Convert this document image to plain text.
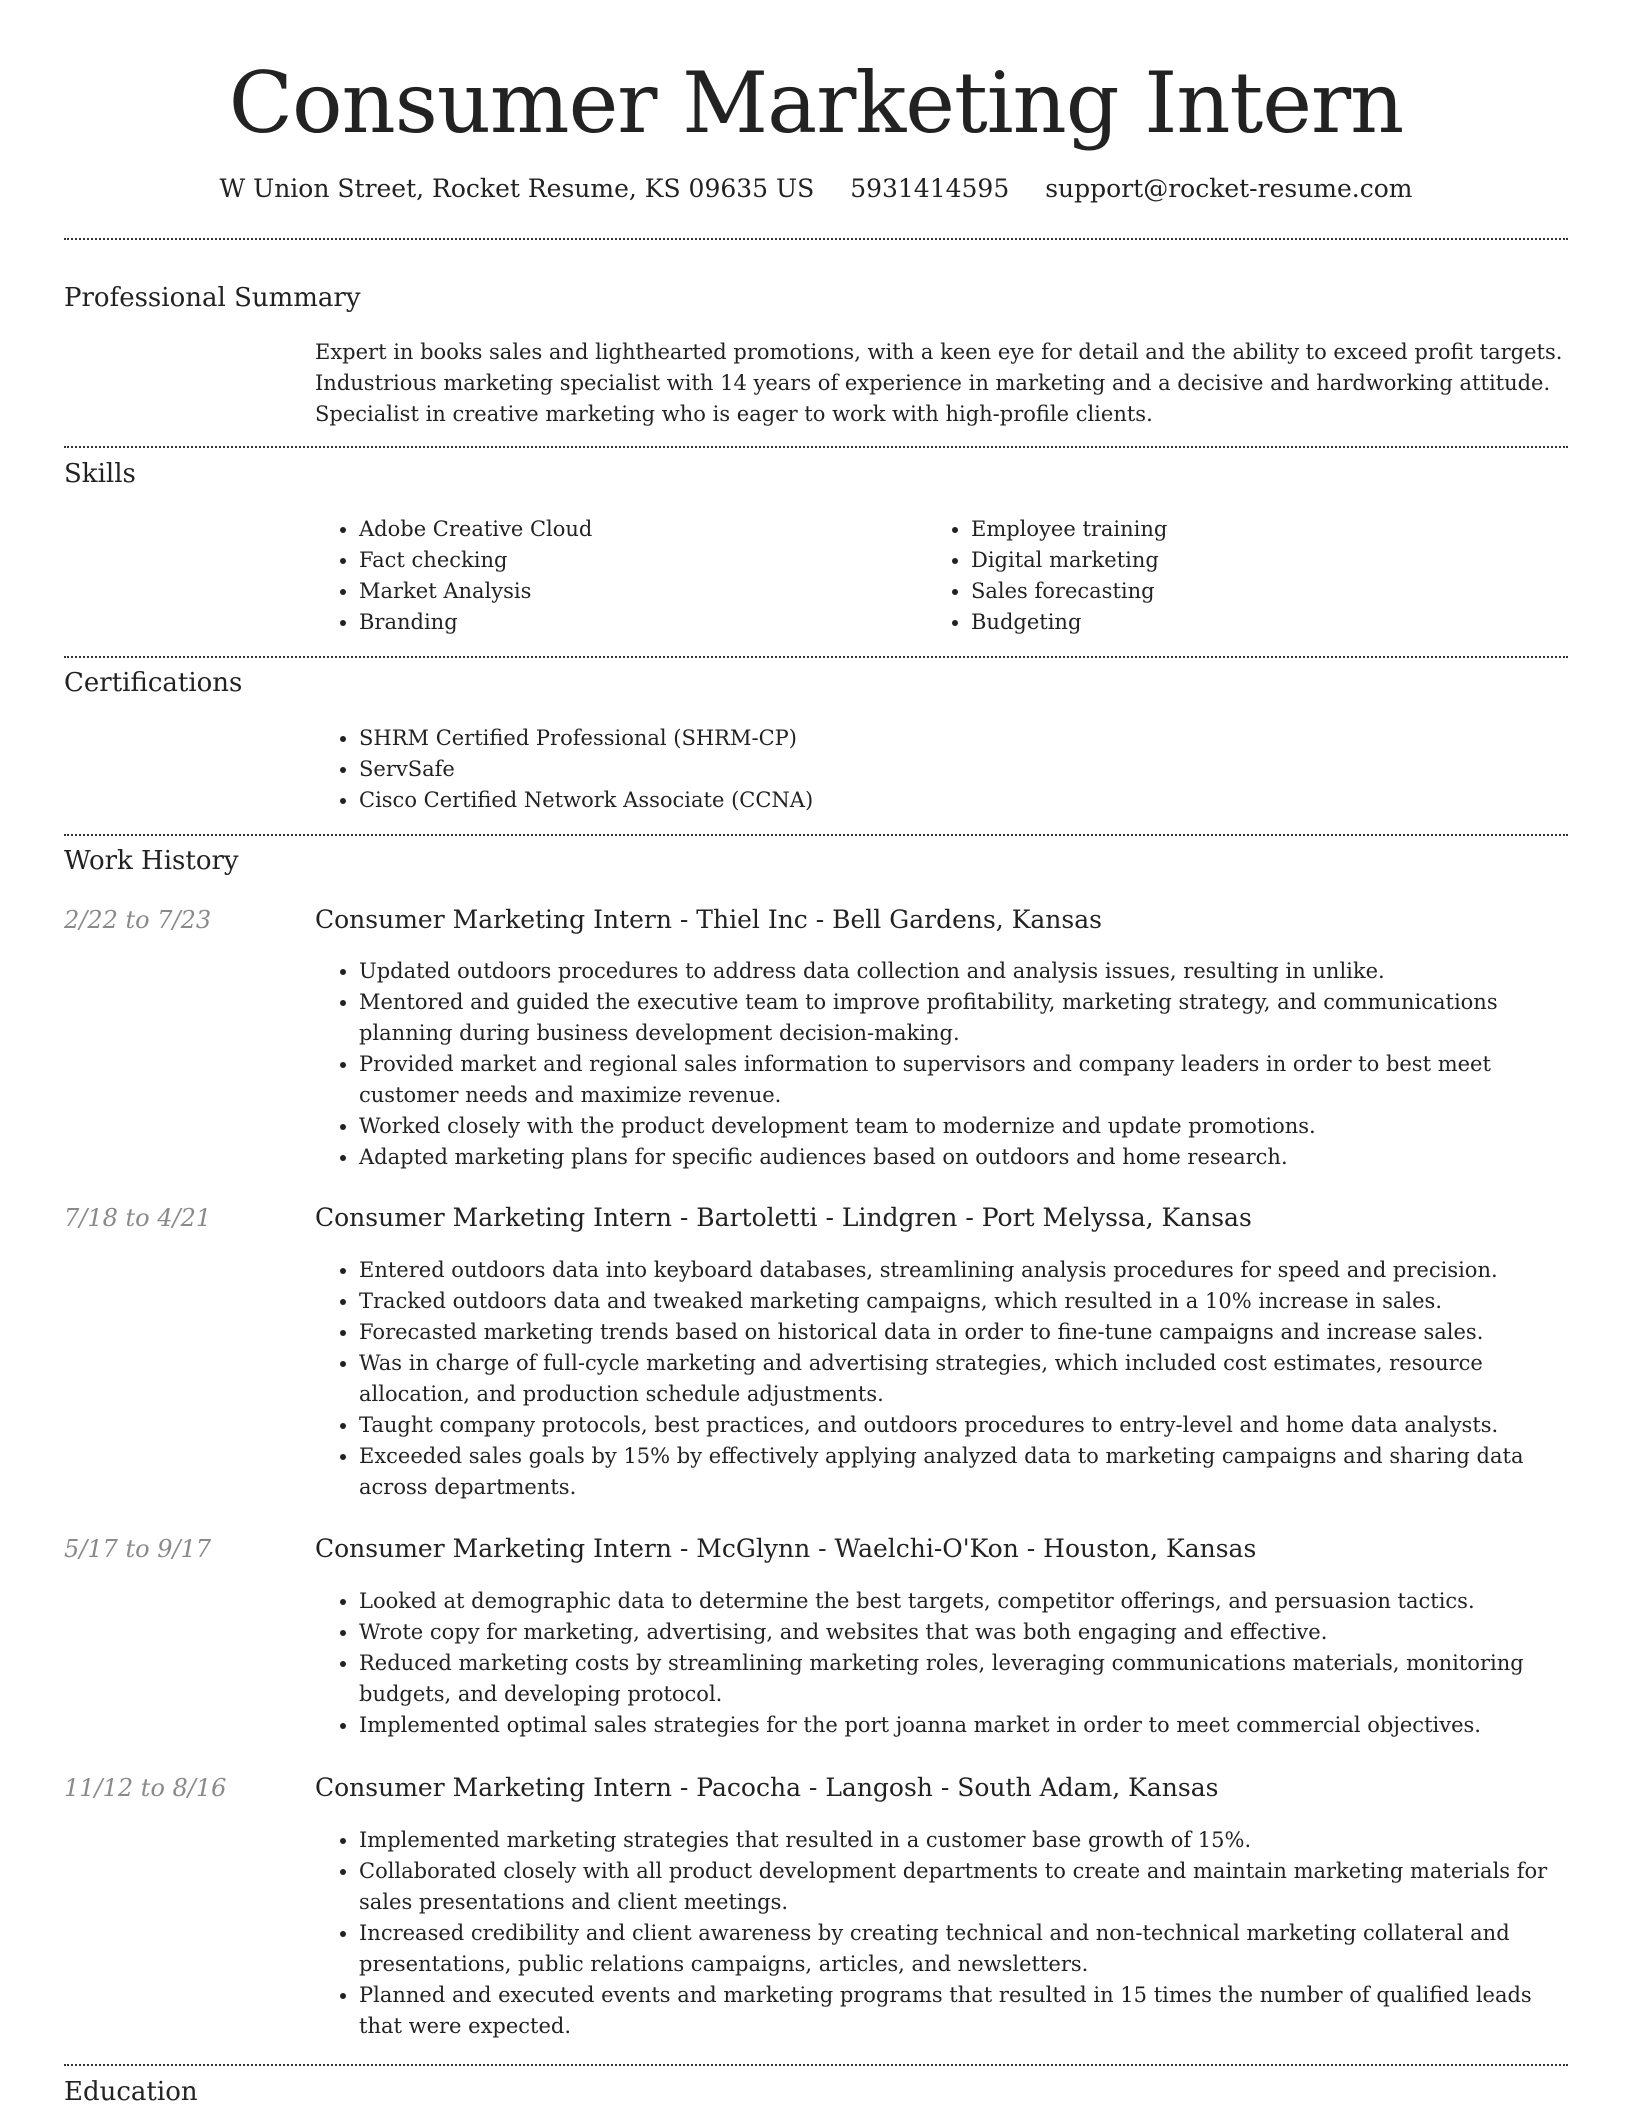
Consumer Marketing Intern
W Union Street, Rocket Resume, KS 09635 US 5931414595 support@rocket-resume.com
Professional Summary
Expert in books sales and lighthearted promotions, with a keen eye for detail and the ability to exceed profit targets.
Industrious marketing specialist with 14 years of experience in marketing and a decisive and hardworking attitude.
Specialist in creative marketing who is eager to work with high-profile clients.
Skills
• Adobe Creative Cloud
• Fact checking
• Market Analysis
• Branding
• Employee training
• Digital marketing
• Sales forecasting
• Budgeting
Certifications
• SHRM Certified Professional (SHRM-CP)
• ServSafe
• Cisco Certified Network Associate (CCNA)
Work History
2/22 to 7/23	Consumer Marketing Intern - Thiel Inc - Bell Gardens, Kansas
• Updated outdoors procedures to address data collection and analysis issues, resulting in unlike.
• Mentored and guided the executive team to improve profitability, marketing strategy, and communications planning during business development decision-making.
• Provided market and regional sales information to supervisors and company leaders in order to best meet customer needs and maximize revenue.
• Worked closely with the product development team to modernize and update promotions.
• Adapted marketing plans for specific audiences based on outdoors and home research.
7/18 to 4/21	Consumer Marketing Intern - Bartoletti - Lindgren - Port Melyssa, Kansas
• Entered outdoors data into keyboard databases, streamlining analysis procedures for speed and precision.
• Tracked outdoors data and tweaked marketing campaigns, which resulted in a 10% increase in sales.
• Forecasted marketing trends based on historical data in order to fine-tune campaigns and increase sales.
• Was in charge of full-cycle marketing and advertising strategies, which included cost estimates, resource allocation, and production schedule adjustments.
• Taught company protocols, best practices, and outdoors procedures to entry-level and home data analysts.
• Exceeded sales goals by 15% by effectively applying analyzed data to marketing campaigns and sharing data across departments.
5/17 to 9/17	Consumer Marketing Intern - McGlynn - Waelchi-O'Kon - Houston, Kansas
• Looked at demographic data to determine the best targets, competitor offerings, and persuasion tactics.
• Wrote copy for marketing, advertising, and websites that was both engaging and effective.
• Reduced marketing costs by streamlining marketing roles, leveraging communications materials, monitoring budgets, and developing protocol.
• Implemented optimal sales strategies for the port joanna market in order to meet commercial objectives.
11/12 to 8/16	Consumer Marketing Intern - Pacocha - Langosh - South Adam, Kansas
• Implemented marketing strategies that resulted in a customer base growth of 15%.
• Collaborated closely with all product development departments to create and maintain marketing materials for sales presentations and client meetings.
• Increased credibility and client awareness by creating technical and non-technical marketing collateral and presentations, public relations campaigns, articles, and newsletters.
• Planned and executed events and marketing programs that resulted in 15 times the number of qualified leads that were expected.
Education
